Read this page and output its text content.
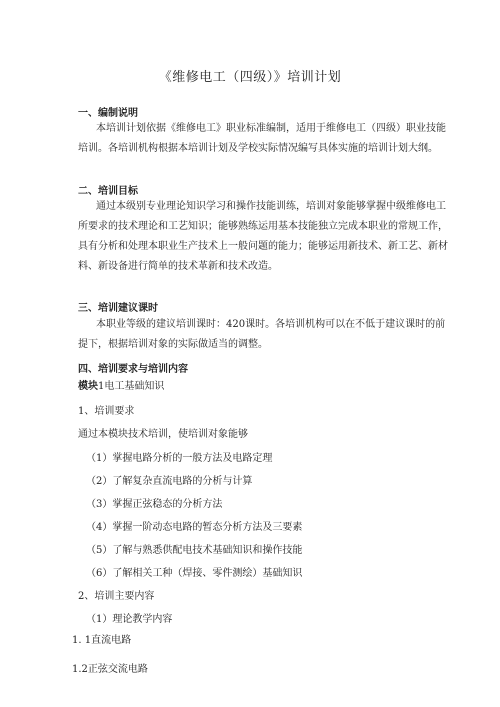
《维修电工（四级）》培训计划
一、编制说明
本培训计划依据《维修电工》职业标准编制，适用于维修电工（四级）职业技能培训。各培训机构根据本培训计划及学校实际情况编写具体实施的培训计划大纲。
二、培训目标
通过本级别专业理论知识学习和操作技能训练，培训对象能够掌握中级维修电工所要求的技术理论和工艺知识；能够熟练运用基本技能独立完成本职业的常规工作，具有分析和处理本职业生产技术上一般问题的能力；能够运用新技术、新工艺、新材料、新设备进行简单的技术革新和技术改造。
三、培训建议课时
本职业等级的建议培训课时：420课时。各培训机构可以在不低于建议课时的前提下，根据培训对象的实际做适当的调整。
四、培训要求与培训内容
模块1电工基础知识
1、培训要求
通过本模块技术培训，使培训对象能够
（1）掌握电路分析的一般方法及电路定理
（2）了解复杂直流电路的分析与计算
（3）掌握正弦稳态的分析方法
（4）掌握一阶动态电路的暂态分析方法及三要素
（5）了解与熟悉供配电技术基础知识和操作技能
（6）了解相关工种（焊接、零件测绘）基础知识
2、培训主要内容
（1）理论教学内容
1. 1直流电路
1.2正弦交流电路
